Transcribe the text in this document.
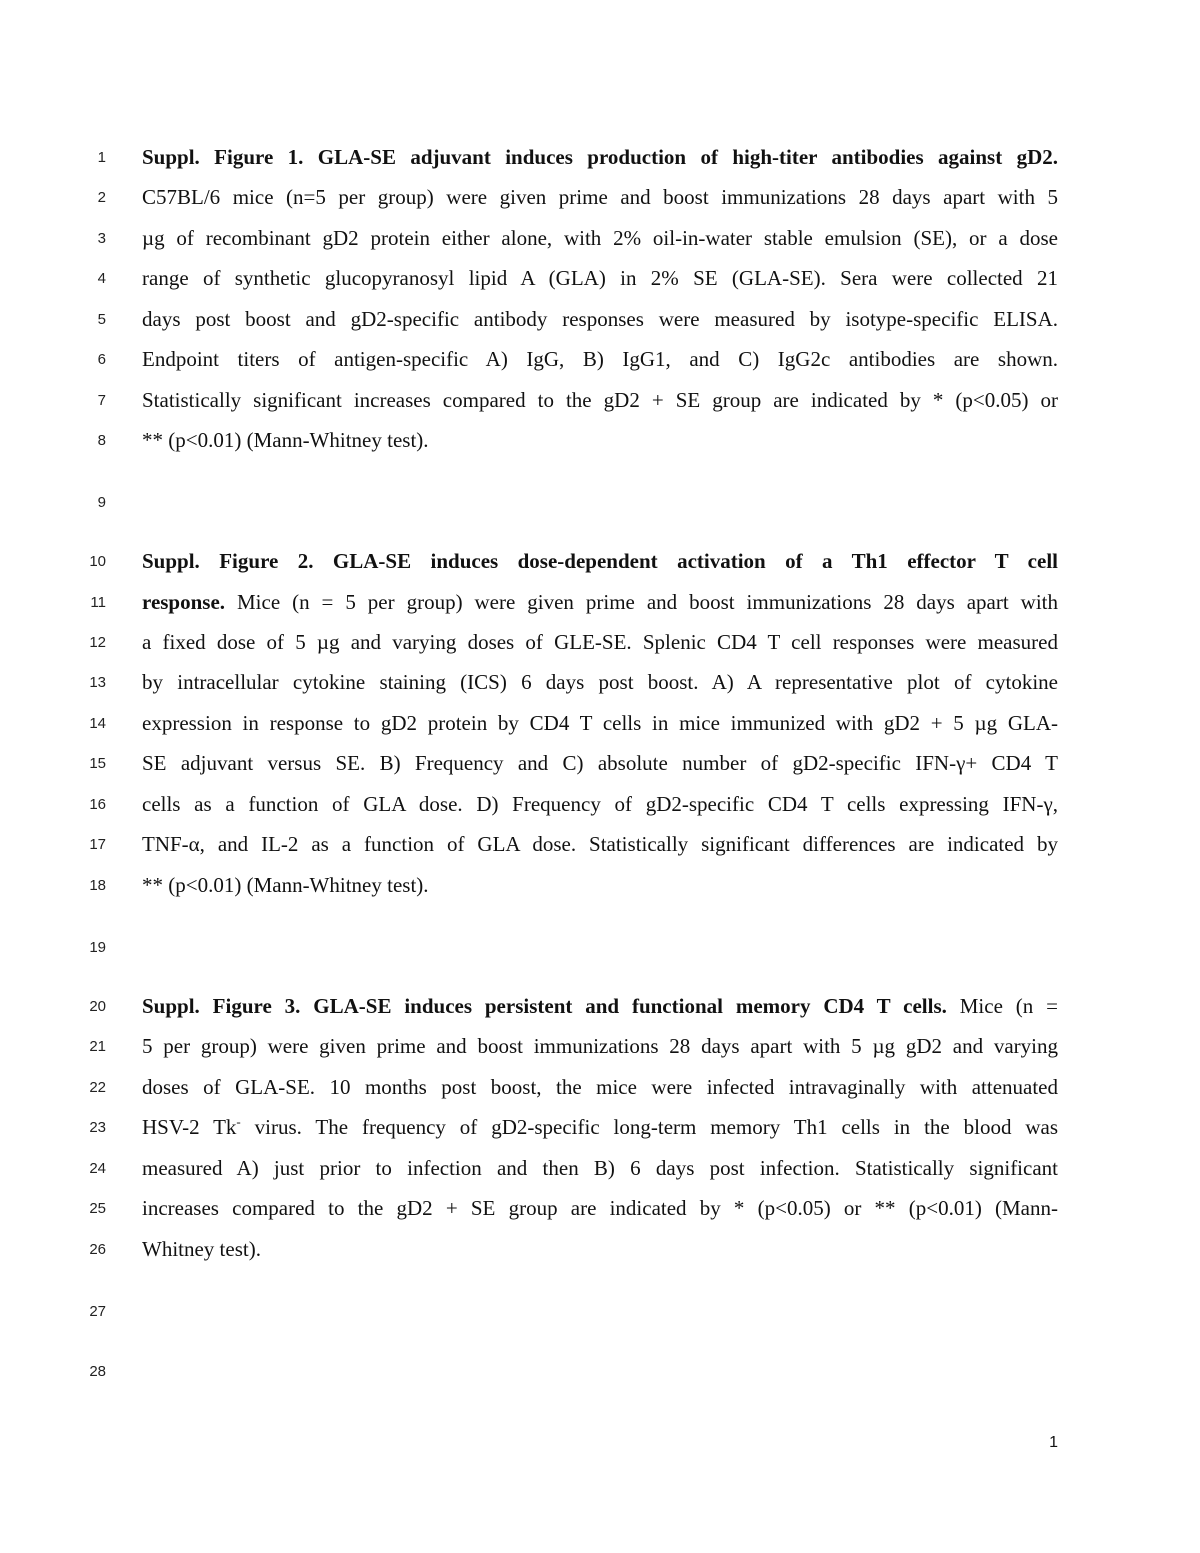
1 Suppl. Figure 1. GLA-SE adjuvant induces production of high-titer antibodies against gD2.
2 C57BL/6 mice (n=5 per group) were given prime and boost immunizations 28 days apart with 5
3 µg of recombinant gD2 protein either alone, with 2% oil-in-water stable emulsion (SE), or a dose
4 range of synthetic glucopyranosyl lipid A (GLA) in 2% SE (GLA-SE). Sera were collected 21
5 days post boost and gD2-specific antibody responses were measured by isotype-specific ELISA.
6 Endpoint titers of antigen-specific A) IgG, B) IgG1, and C) IgG2c antibodies are shown.
7 Statistically significant increases compared to the gD2 + SE group are indicated by * (p<0.05) or
8 ** (p<0.01) (Mann-Whitney test).
9
10 Suppl. Figure 2. GLA-SE induces dose-dependent activation of a Th1 effector T cell
11 response. Mice (n = 5 per group) were given prime and boost immunizations 28 days apart with
12 a fixed dose of 5 µg and varying doses of GLE-SE. Splenic CD4 T cell responses were measured
13 by intracellular cytokine staining (ICS) 6 days post boost. A) A representative plot of cytokine
14 expression in response to gD2 protein by CD4 T cells in mice immunized with gD2 + 5 µg GLA-
15 SE adjuvant versus SE. B) Frequency and C) absolute number of gD2-specific IFN-γ+ CD4 T
16 cells as a function of GLA dose. D) Frequency of gD2-specific CD4 T cells expressing IFN-γ,
17 TNF-α, and IL-2 as a function of GLA dose. Statistically significant differences are indicated by
18 ** (p<0.01) (Mann-Whitney test).
19
20 Suppl. Figure 3. GLA-SE induces persistent and functional memory CD4 T cells. Mice (n =
21 5 per group) were given prime and boost immunizations 28 days apart with 5 µg gD2 and varying
22 doses of GLA-SE. 10 months post boost, the mice were infected intravaginally with attenuated
23 HSV-2 Tk- virus. The frequency of gD2-specific long-term memory Th1 cells in the blood was
24 measured A) just prior to infection and then B) 6 days post infection. Statistically significant
25 increases compared to the gD2 + SE group are indicated by * (p<0.05) or ** (p<0.01) (Mann-
26 Whitney test).
27
28
1
